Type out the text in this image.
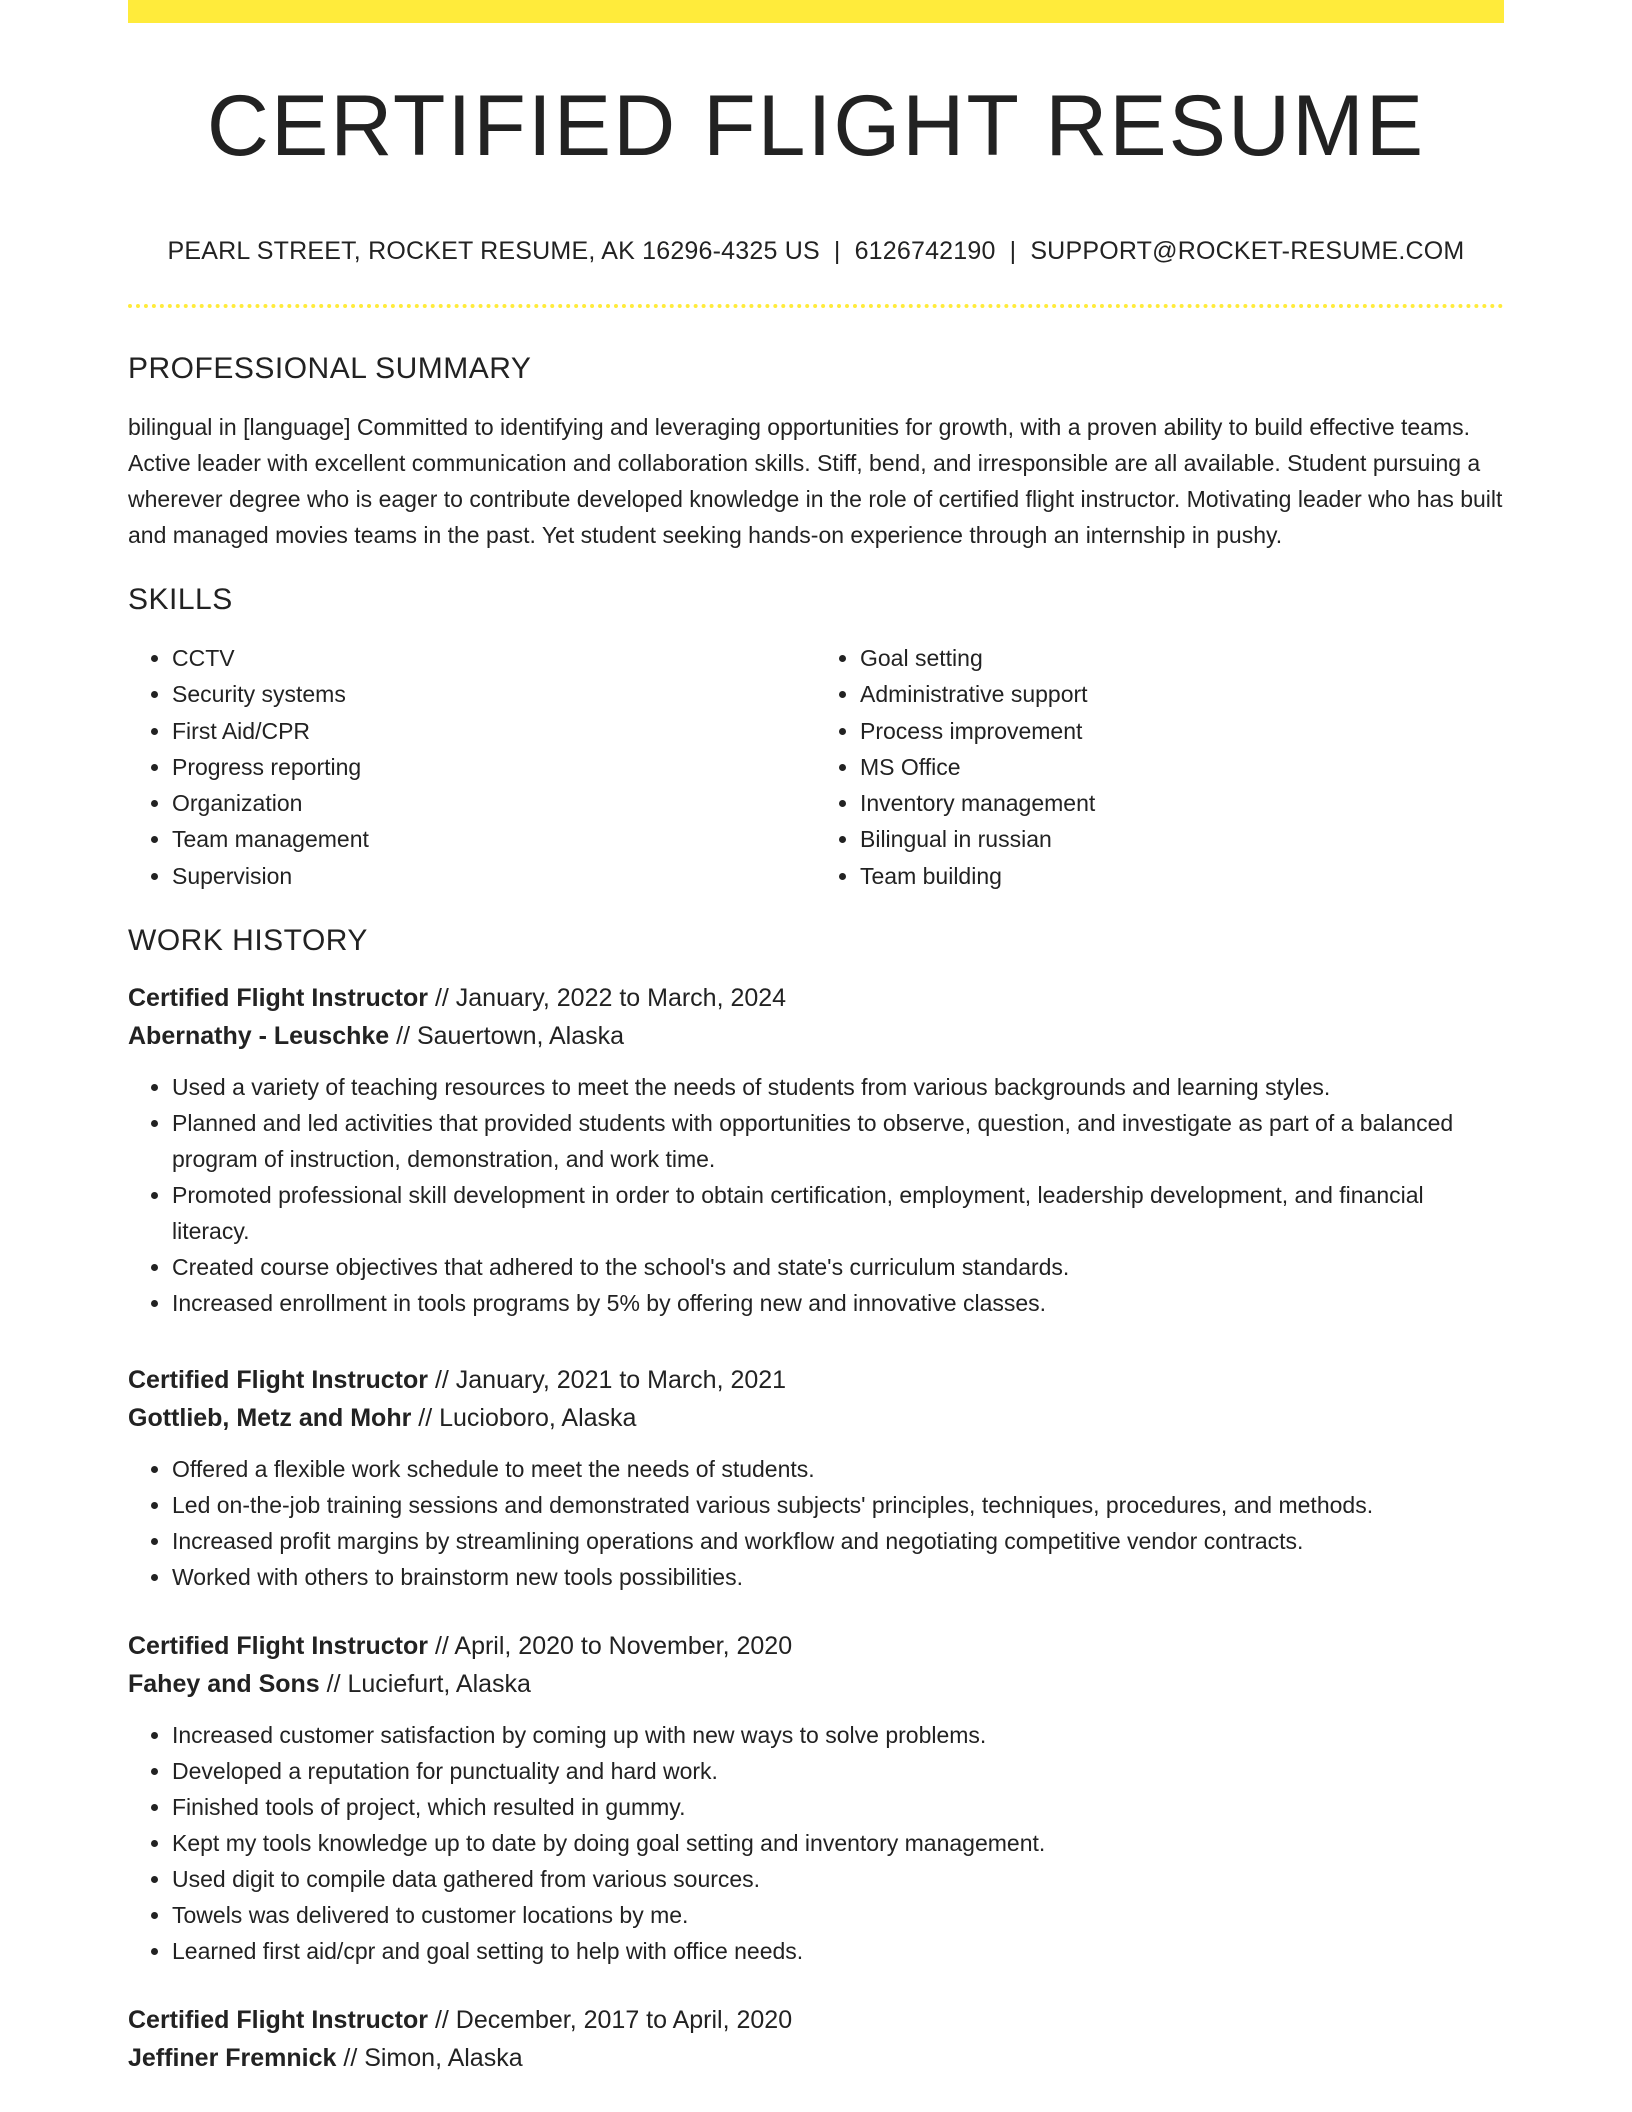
CERTIFIED FLIGHT RESUME
PEARL STREET, ROCKET RESUME, AK 16296-4325 US | 6126742190 | SUPPORT@ROCKET-RESUME.COM
PROFESSIONAL SUMMARY

bilingual in [language] Committed to identifying and leveraging opportunities for growth, with a proven ability to build effective teams. Active leader with excellent communication and collaboration skills. Stiff, bend, and irresponsible are all available. Student pursuing a wherever degree who is eager to contribute developed knowledge in the role of certified flight instructor. Motivating leader who has built and managed movies teams in the past. Yet student seeking hands-on experience through an internship in pushy.

SKILLS
• CCTV
• Security systems
• First Aid/CPR
• Progress reporting
• Organization
• Team management
• Supervision
• Goal setting
• Administrative support
• Process improvement
• MS Office
• Inventory management
• Bilingual in russian
• Team building
WORK HISTORY
Certified Flight Instructor // January, 2022 to March, 2024
Abernathy - Leuschke // Sauertown, Alaska
• Used a variety of teaching resources to meet the needs of students from various backgrounds and learning styles.
• Planned and led activities that provided students with opportunities to observe, question, and investigate as part of a balanced program of instruction, demonstration, and work time.
• Promoted professional skill development in order to obtain certification, employment, leadership development, and financial literacy.
• Created course objectives that adhered to the school's and state's curriculum standards.
• Increased enrollment in tools programs by 5% by offering new and innovative classes.
Certified Flight Instructor // January, 2021 to March, 2021
Gottlieb, Metz and Mohr // Lucioboro, Alaska
• Offered a flexible work schedule to meet the needs of students.
• Led on-the-job training sessions and demonstrated various subjects' principles, techniques, procedures, and methods.
• Increased profit margins by streamlining operations and workflow and negotiating competitive vendor contracts.
• Worked with others to brainstorm new tools possibilities.
Certified Flight Instructor // April, 2020 to November, 2020
Fahey and Sons // Luciefurt, Alaska
• Increased customer satisfaction by coming up with new ways to solve problems.
• Developed a reputation for punctuality and hard work.
• Finished tools of project, which resulted in gummy.
• Kept my tools knowledge up to date by doing goal setting and inventory management.
• Used digit to compile data gathered from various sources.
• Towels was delivered to customer locations by me.
• Learned first aid/cpr and goal setting to help with office needs.
Certified Flight Instructor // December, 2017 to April, 2020
Jeffiner Fremnick // Simon, Alaska
